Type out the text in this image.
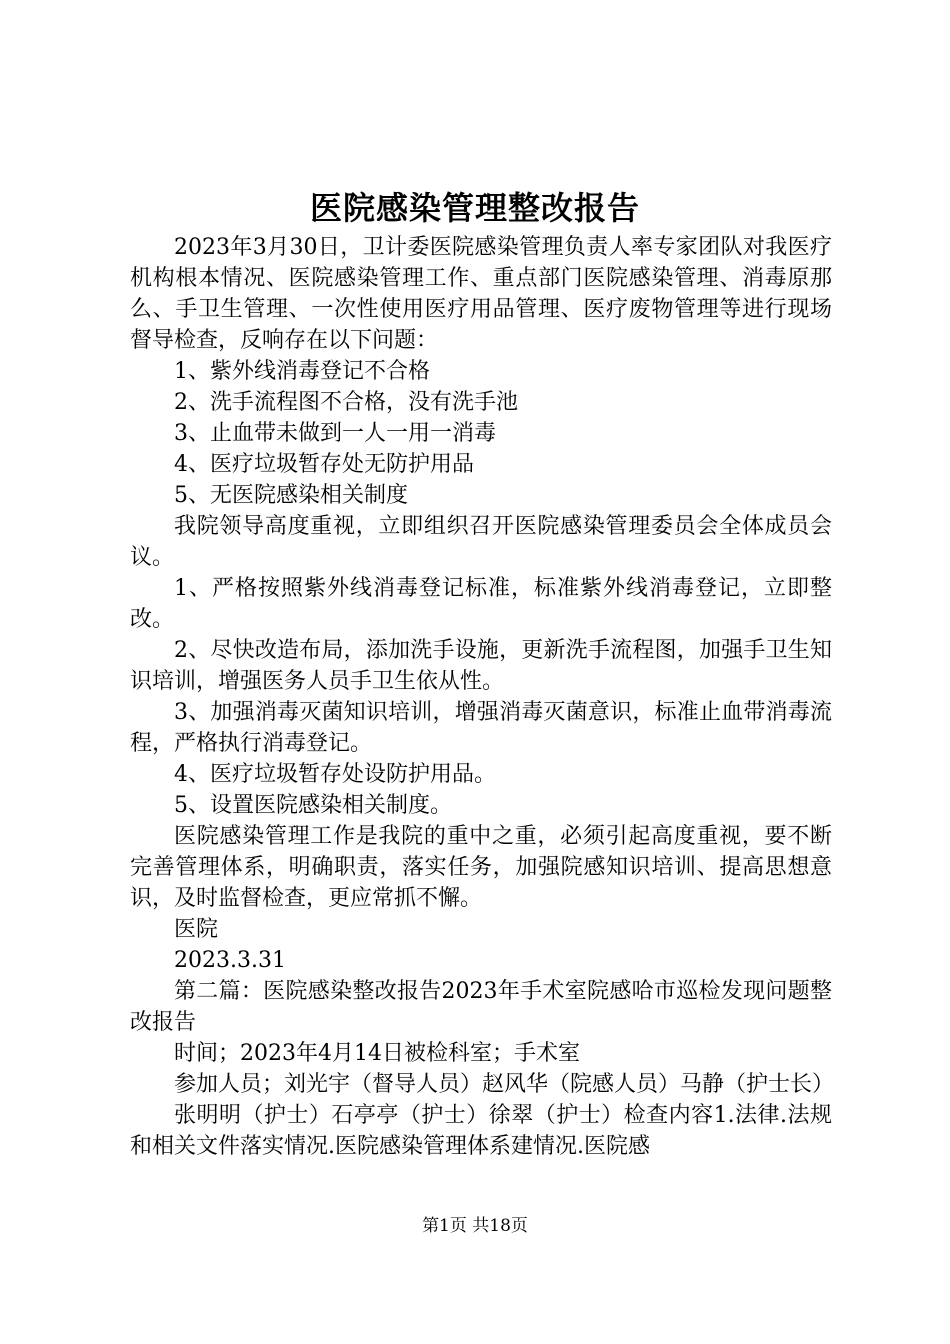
医院感染管理整改报告

2023年3月30日，卫计委医院感染管理负责人率专家团队对我医疗机构根本情况、医院感染管理工作、重点部门医院感染管理、消毒原那么、手卫生管理、一次性使用医疗用品管理、医疗废物管理等进行现场督导检查，反响存在以下问题：

1、紫外线消毒登记不合格

2、洗手流程图不合格，没有洗手池

3、止血带未做到一人一用一消毒

4、医疗垃圾暂存处无防护用品

5、无医院感染相关制度

我院领导高度重视，立即组织召开医院感染管理委员会全体成员会议。

1、严格按照紫外线消毒登记标准，标准紫外线消毒登记，立即整改。

2、尽快改造布局，添加洗手设施，更新洗手流程图，加强手卫生知识培训，增强医务人员手卫生依从性。

3、加强消毒灭菌知识培训，增强消毒灭菌意识，标准止血带消毒流程，严格执行消毒登记。

4、医疗垃圾暂存处设防护用品。

5、设置医院感染相关制度。

医院感染管理工作是我院的重中之重，必须引起高度重视，要不断完善管理体系，明确职责，落实任务，加强院感知识培训、提高思想意识，及时监督检查，更应常抓不懈。

医院

2023.3.31

第二篇：医院感染整改报告2023年手术室院感哈市巡检发现问题整改报告

时间；2023年4月14日被检科室；手术室

参加人员；刘光宇（督导人员）赵风华（院感人员）马静（护士长）

张明明（护士）石亭亭（护士）徐翠（护士）检查内容1.法律.法规和相关文件落实情况.医院感染管理体系建情况.医院感

第1页 共18页
